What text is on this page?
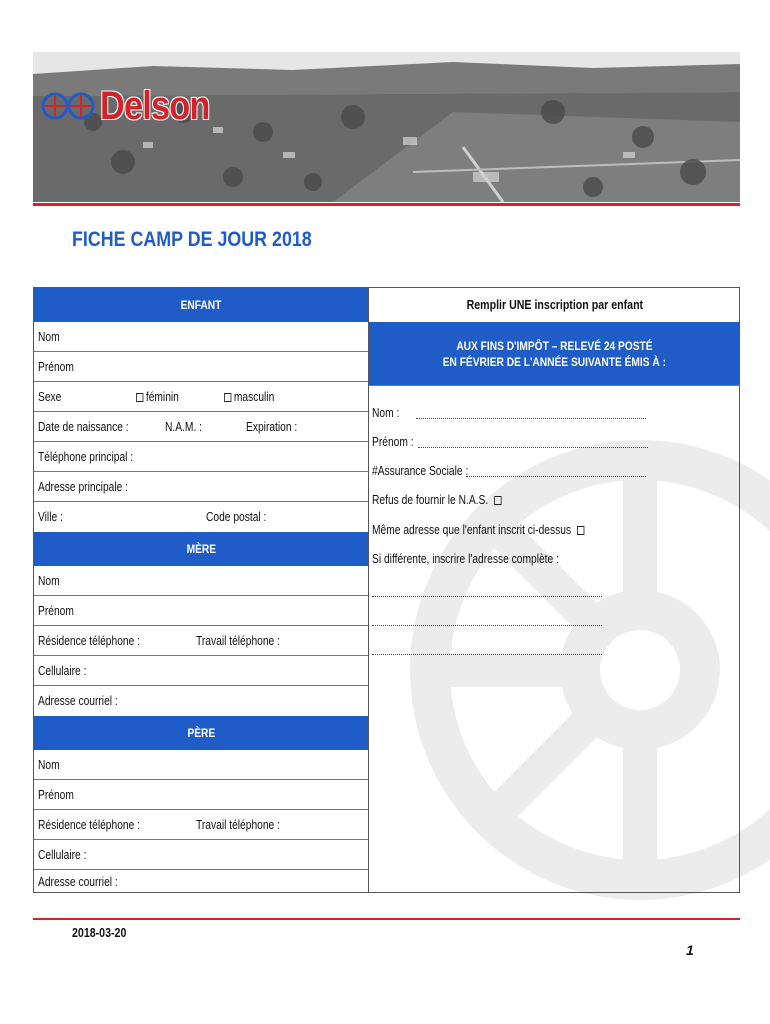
Delson
FICHE CAMP DE JOUR 2018
ENFANT
Nom
Prénom
Sexe	féminin	masculin
Date de naissance :	N.A.M. :	Expiration :
Téléphone principal :
Adresse principale :
Ville :	Code postal :
MÈRE
Nom
Prénom
Résidence téléphone :	Travail téléphone :
Cellulaire :
Adresse courriel :
PÈRE
Nom
Prénom
Résidence téléphone :	Travail téléphone :
Cellulaire :
Adresse courriel :
Remplir UNE inscription par enfant
AUX FINS D'IMPÔT – RELEVÉ 24 POSTÉ
EN FÉVRIER DE L'ANNÉE SUIVANTE ÉMIS À :
Nom :
Prénom :
#Assurance Sociale :
Refus de fournir le N.A.S.
Même adresse que l'enfant inscrit ci-dessus
Si différente, inscrire l'adresse complète :
2018-03-20
1
